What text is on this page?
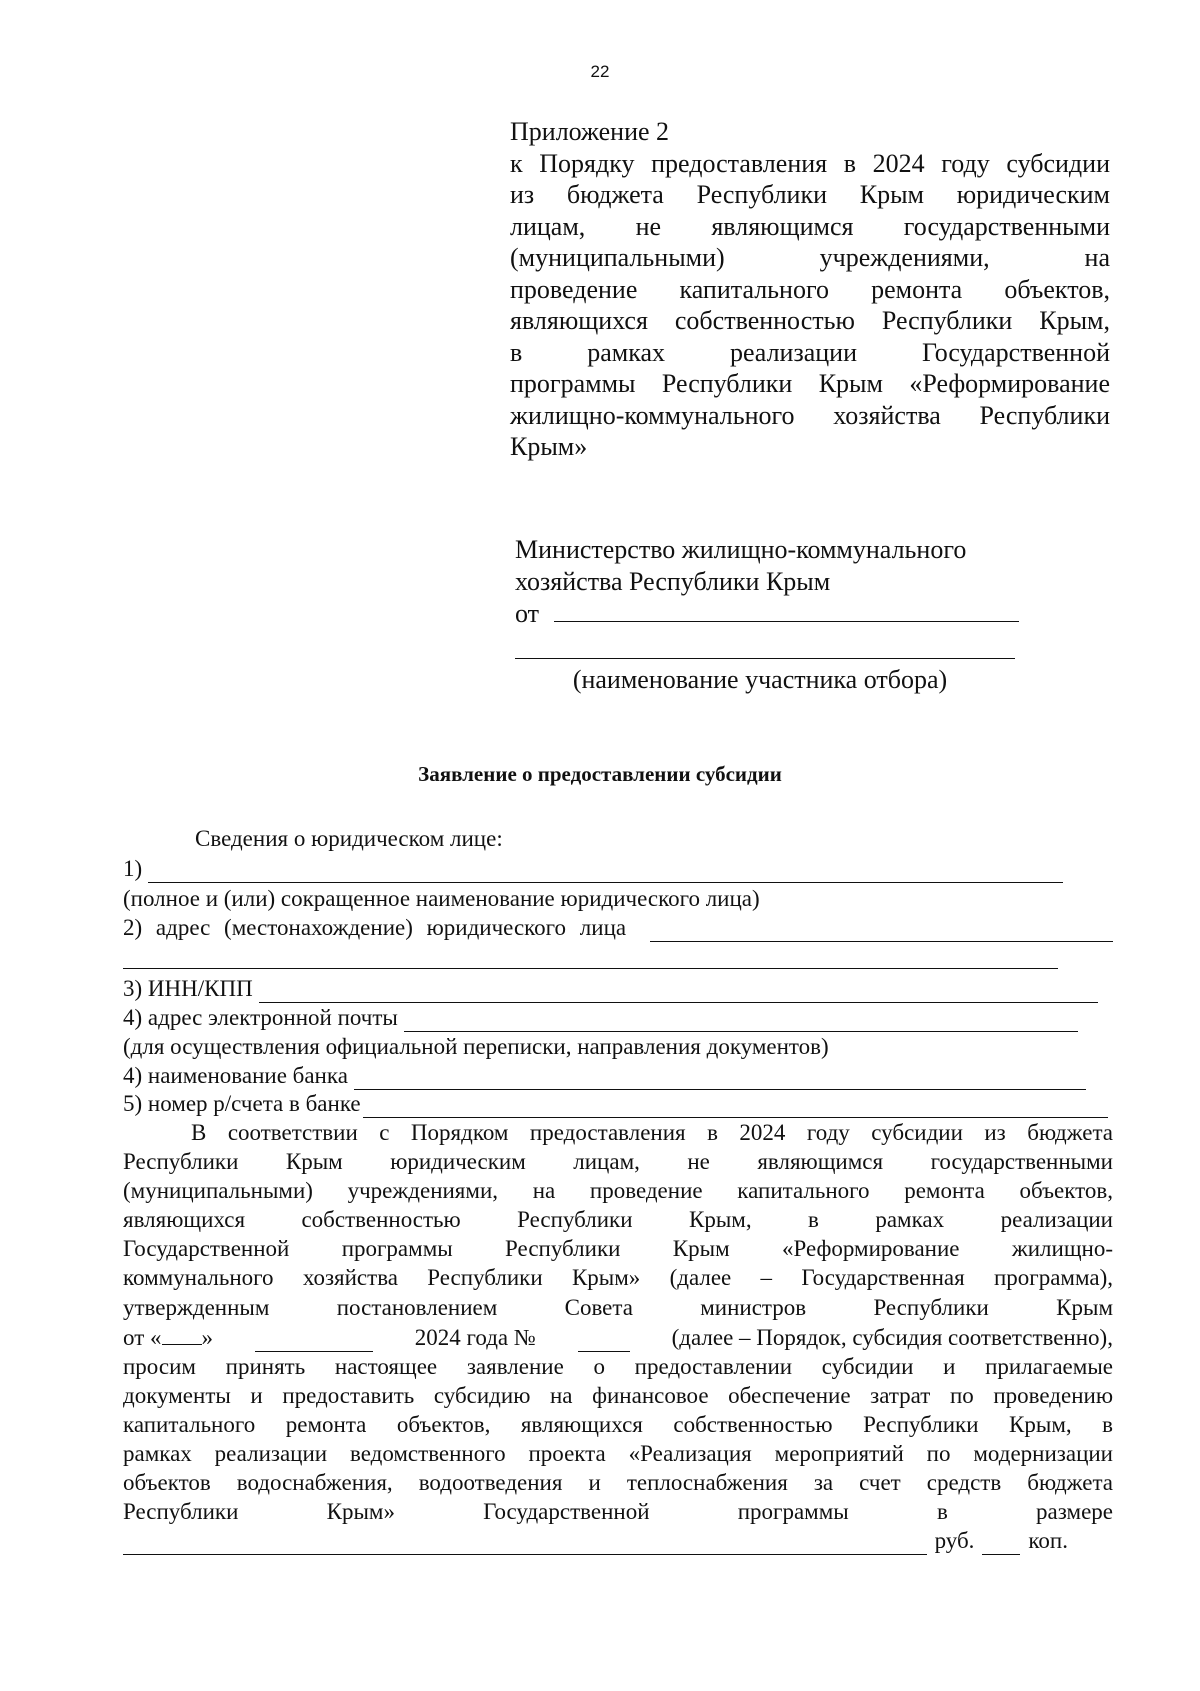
22
Приложение 2
к Порядку предоставления в 2024 году субсидии
из бюджета Республики Крым юридическим
лицам, не являющимся государственными
(муниципальными) учреждениями, на
проведение капитального ремонта объектов,
являющихся собственностью Республики Крым,
в рамках реализации Государственной
программы Республики Крым «Реформирование
жилищно-коммунального хозяйства Республики
Крым»
Министерство жилищно-коммунального
хозяйства Республики Крым
от
(наименование участника отбора)
Заявление о предоставлении субсидии
Сведения о юридическом лице:
1)
(полное и (или) сокращенное наименование юридического лица)
2) адрес (местонахождение) юридического лица
3) ИНН/КПП
4) адрес электронной почты
(для осуществления официальной переписки, направления документов)
4) наименование банка
5) номер р/счета в банке
В соответствии с Порядком предоставления в 2024 году субсидии из бюджета
Республики Крым юридическим лицам, не являющимся государственными
(муниципальными) учреждениями, на проведение капитального ремонта объектов,
являющихся собственностью Республики Крым, в рамках реализации
Государственной программы Республики Крым «Реформирование жилищно-
коммунального хозяйства Республики Крым» (далее – Государственная программа),
утвержденным постановлением Совета министров Республики Крым
от « »	2024 года №	(далее – Порядок, субсидия соответственно),
просим принять настоящее заявление о предоставлении субсидии и прилагаемые
документы и предоставить субсидию на финансовое обеспечение затрат по проведению
капитального ремонта объектов, являющихся собственностью Республики Крым, в
рамках реализации ведомственного проекта «Реализация мероприятий по модернизации
объектов водоснабжения, водоотведения и теплоснабжения за счет средств бюджета
Республики Крым» Государственной программы в размере
руб. коп.
